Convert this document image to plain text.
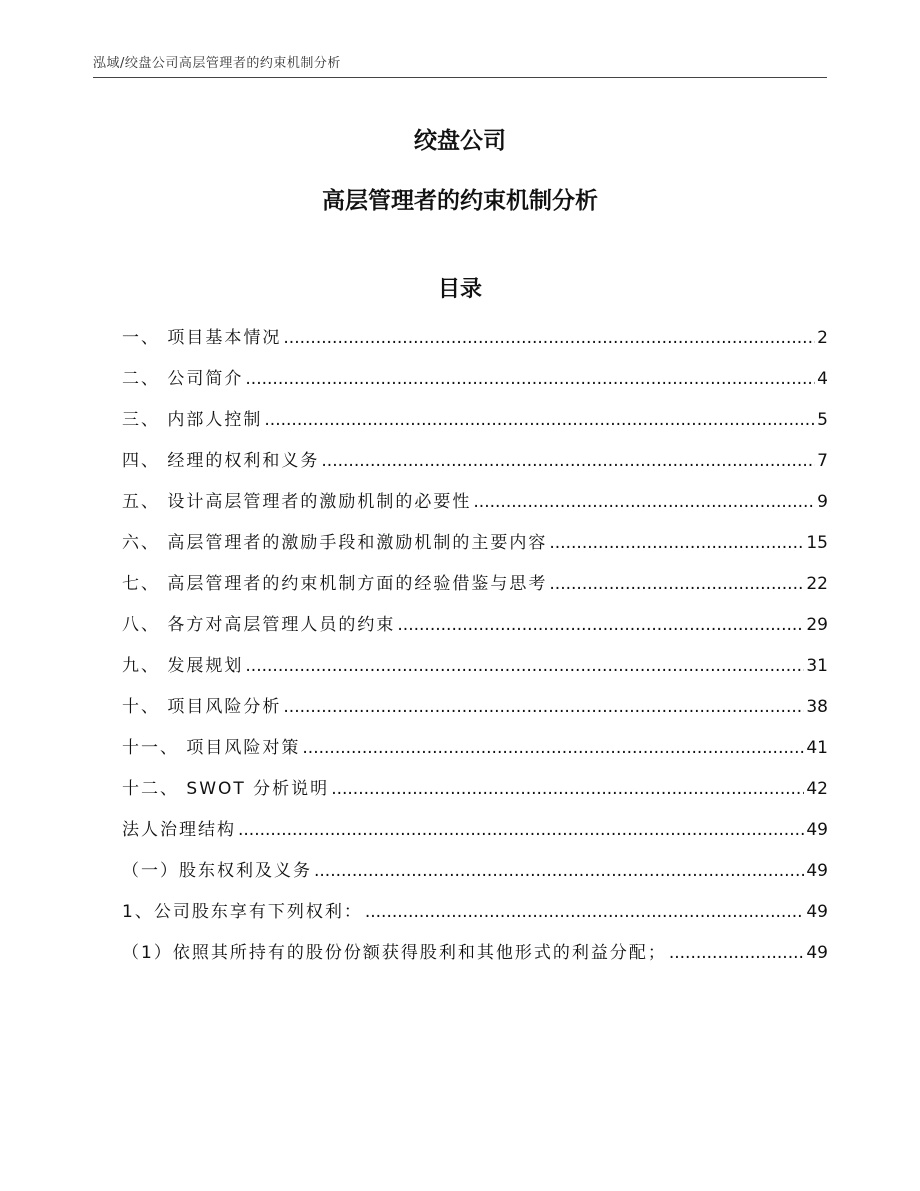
泓域/绞盘公司高层管理者的约束机制分析
绞盘公司
高层管理者的约束机制分析
目录
一、 项目基本情况 .....	2
二、 公司简介 .....	4
三、 内部人控制 .....	5
四、 经理的权利和义务 .....	7
五、 设计高层管理者的激励机制的必要性 .....	9
六、 高层管理者的激励手段和激励机制的主要内容 .....	15
七、 高层管理者的约束机制方面的经验借鉴与思考 .....	22
八、 各方对高层管理人员的约束 .....	29
九、 发展规划 .....	31
十、 项目风险分析 .....	38
十一、 项目风险对策 .....	41
十二、 SWOT 分析说明 .....	42
法人治理结构 .....	49
（一）股东权利及义务 .....	49
1、公司股东享有下列权利： .....	49
（1）依照其所持有的股份份额获得股利和其他形式的利益分配； .....	49
